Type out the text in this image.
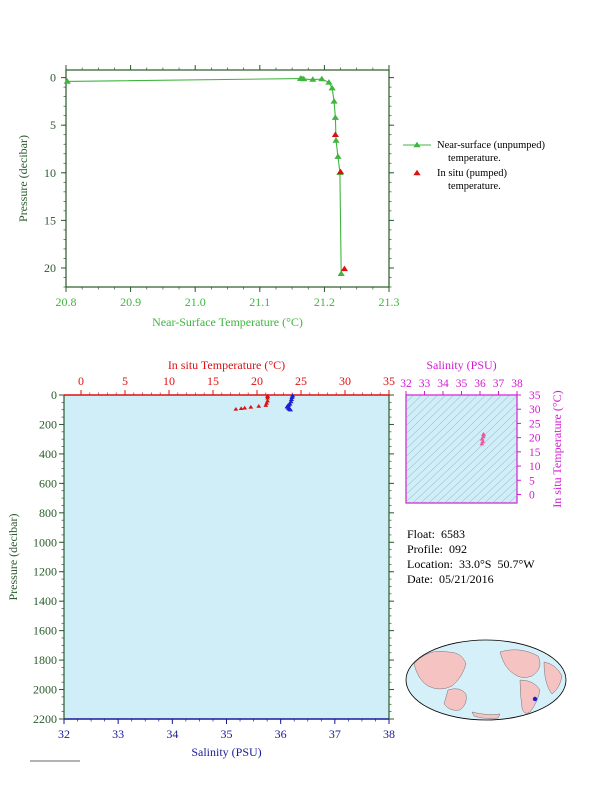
20.8	20.9	21.0	21.1	21.2	21.3
0
5
10
15
20
Near-Surface Temperature (°C)
Pressure (decibar)	Near-surface (unpumped)
temperature.
In situ (pumped)
temperature.
0	5	10	15	20	25	30	35
32	33	34	35	36	37	38
0
200
400
600
800
1000
1200
1400
1600
1800
2000
2200
In situ Temperature (°C)
Salinity (PSU)
Pressure (decibar)
32 33 34 35 36 37 38
0
5
10
15
20
25
30
35
Salinity (PSU)
In situ Temperature (°C)
Float:  6583
Profile:  092
Location:  33.0°S  50.7°W
Date:  05/21/2016
